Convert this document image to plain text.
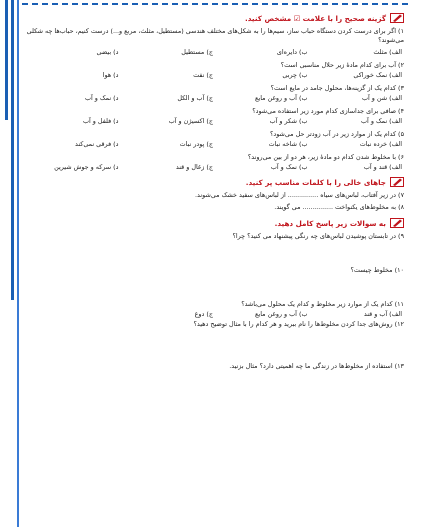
گزینه صحیح را با علامت ☑ مشخص کنید.
۱) اگر برای درست کردن دستگاه حباب ساز، سیم‌ها را به شکل‌های مختلف هندسی (مستطیل، مثلث، مربع و...) درست کنیم، حباب‌ها چه شکلی می‌شوند؟
الف) مثلث
ب) دایره‌ای
ج) مستطیل
د) بیضی
۲) آب برای کدام مادهٔ زیر حلال مناسبی است؟
الف) نمک خوراکی
ب) چربی
ج) نفت
د) هوا
۳) کدام یک از گزینه‌ها، محلول جامد در مایع است؟
الف) شن و آب
ب) آب و روغن مایع
ج) آب و الکل
د) نمک و آب
۴) صافی برای جداسازی کدام مورد زیر استفاده می‌شود؟
الف) نمک و آب
ب) شکر و آب
ج) اکسیژن و آب
د) فلفل و آب
۵) کدام یک از موارد زیر در آب زودتر حل می‌شود؟
الف) خرده نبات
ب) شاخه نبات
ج) پودر نبات
د) فرقی نمی‌کند
۶) با مخلوط شدن کدام دو مادهٔ زیر، هر دو از بین می‌روند؟
الف) قند و آب
ب) نمک و آب
ج) زغال و قند
د) سرکه و جوش شیرین
جاهای خالی را با کلمات مناسب پر کنید.
۷) در زیر آفتاب، لباس‌های سیاه ............... از لباس‌های سفید خشک می‌شوند.
۸) به مخلوط‌های یکنواخت ............... می گویند.
به سوالات زیر پاسخ کامل دهید.
۹) در تابستان پوشیدن لباس‌های چه رنگی پیشنهاد می کنید؟ چرا؟
۱۰) مخلوط چیست؟
۱۱) کدام یک از موارد زیر مخلوط و کدام یک محلول می‌باشد؟
الف) آب و قند
ب) آب و روغن مایع
ج) دوغ
۱۲) روش‌های جدا کردن مخلوط‌ها را نام ببرید و هر کدام را با مثال توضیح دهید؟
۱۳) استفاده از مخلوط‌ها در زندگی ما چه اهمیتی دارد؟ مثال بزنید.
